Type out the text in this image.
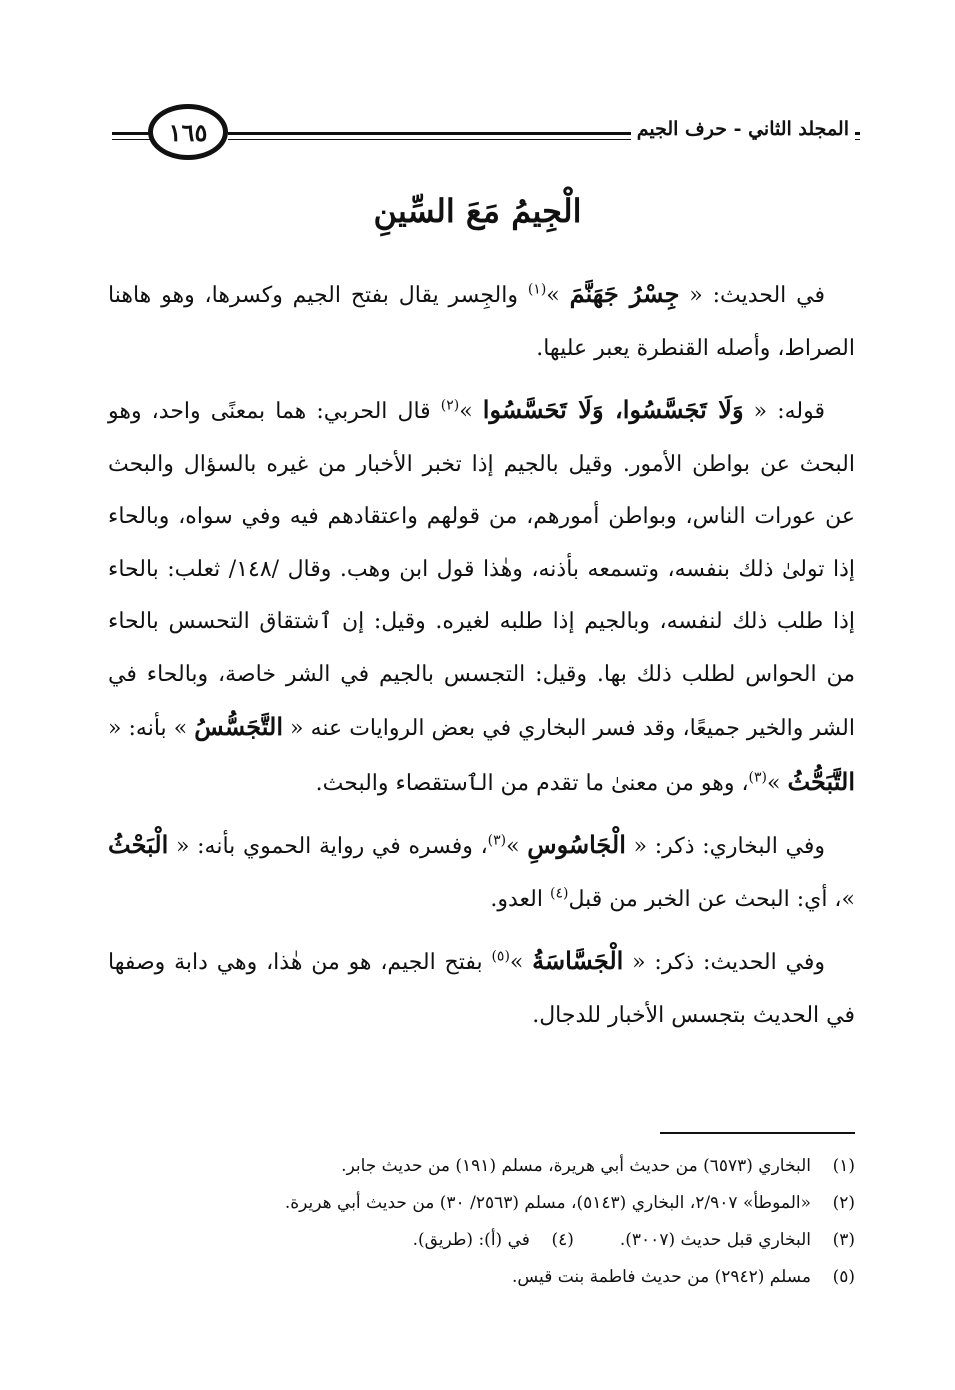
المجلد الثاني - حرف الجيم
١٦٥
الْجِيمُ مَعَ السِّينِ

في الحديث: « جِسْرُ جَهَنَّمَ »$^{(١)}$ والجِسر يقال بفتح الجيم وكسرها، وهو هاهنا الصراط، وأصله القنطرة يعبر عليها.

قوله: « وَلَا تَجَسَّسُوا، وَلَا تَحَسَّسُوا »$^{(٢)}$ قال الحربي: هما بمعنًى واحد، وهو البحث عن بواطن الأمور. وقيل بالجيم إذا تخبر الأخبار من غيره بالسؤال والبحث عن عورات الناس، وبواطن أمورهم، من قولهم واعتقادهم فيه وفي سواه، وبالحاء إذا تولىٰ ذلك بنفسه، وتسمعه بأذنه، وهٰذا قول ابن وهب. وقال /١٤٨/ ثعلب: بالحاء إذا طلب ذلك لنفسه، وبالجيم إذا طلبه لغيره. وقيل: إن ٱشتقاق التحسس بالحاء من الحواس لطلب ذلك بها. وقيل: التجسس بالجيم في الشر خاصة، وبالحاء في الشر والخير جميعًا، وقد فسر البخاري في بعض الروايات عنه « التَّجَسُّسُ » بأنه: « التَّبَحُّثُ »$^{(٣)}$، وهو من معنىٰ ما تقدم من الٱستقصاء والبحث.

وفي البخاري: ذكر: « الْجَاسُوسِ »$^{(٣)}$، وفسره في رواية الحموي بأنه: « الْبَحْثُ »، أي: البحث عن الخبر من قبل$^{(٤)}$ العدو.

وفي الحديث: ذكر: « الْجَسَّاسَةُ »$^{(٥)}$ بفتح الجيم، هو من هٰذا، وهي دابة وصفها في الحديث بتجسس الأخبار للدجال.

(١)البخاري (٦٥٧٣) من حديث أبي هريرة، مسلم (١٩١) من حديث جابر.
(٢)«الموطأ» ٢/٩٠٧، البخاري (٥١٤٣)، مسلم (٢٥٦٣/ ٣٠) من حديث أبي هريرة.
(٣)البخاري قبل حديث (٣٠٠٧).(٤)في (أ): (طريق).
(٥)مسلم (٢٩٤٢) من حديث فاطمة بنت قيس.
